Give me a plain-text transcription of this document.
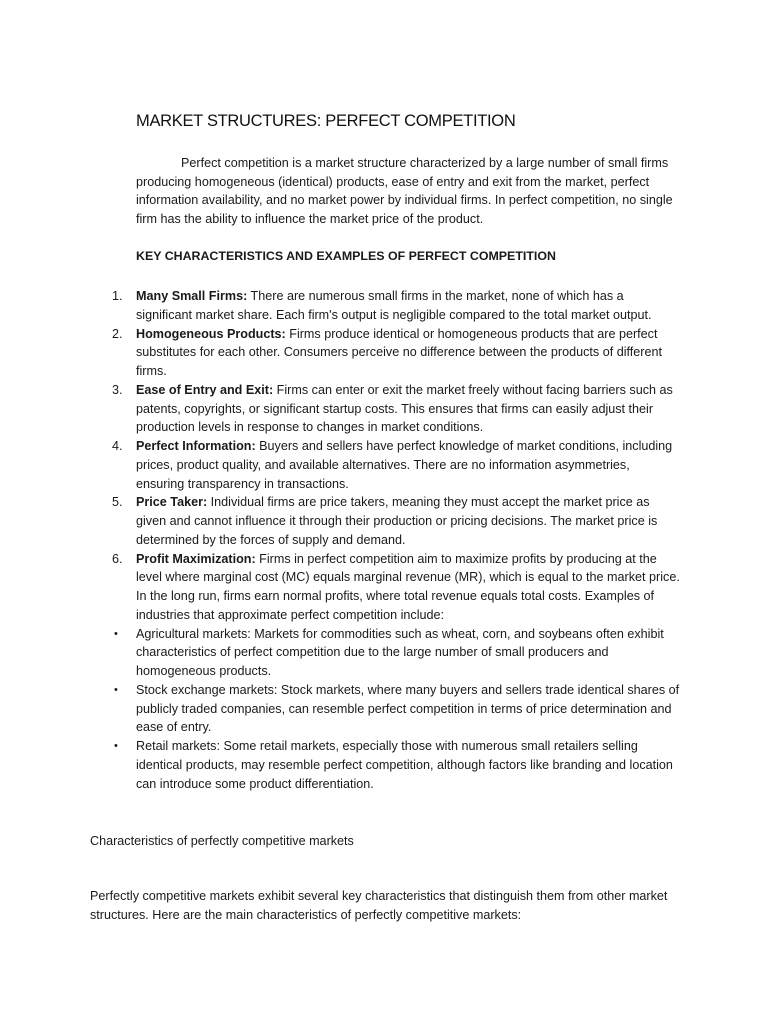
MARKET STRUCTURES: PERFECT COMPETITION

Perfect competition is a market structure characterized by a large number of small firms producing homogeneous (identical) products, ease of entry and exit from the market, perfect information availability, and no market power by individual firms. In perfect competition, no single firm has the ability to influence the market price of the product.

KEY CHARACTERISTICS AND EXAMPLES OF PERFECT COMPETITION
1.	Many Small Firms: There are numerous small firms in the market, none of which has a significant market share. Each firm's output is negligible compared to the total market output.
2.	Homogeneous Products: Firms produce identical or homogeneous products that are perfect substitutes for each other. Consumers perceive no difference between the products of different firms.
3.	Ease of Entry and Exit: Firms can enter or exit the market freely without facing barriers such as patents, copyrights, or significant startup costs. This ensures that firms can easily adjust their production levels in response to changes in market conditions.
4.	Perfect Information: Buyers and sellers have perfect knowledge of market conditions, including prices, product quality, and available alternatives. There are no information asymmetries, ensuring transparency in transactions.
5.	Price Taker: Individual firms are price takers, meaning they must accept the market price as given and cannot influence it through their production or pricing decisions. The market price is determined by the forces of supply and demand.
6.	Profit Maximization: Firms in perfect competition aim to maximize profits by producing at the level where marginal cost (MC) equals marginal revenue (MR), which is equal to the market price. In the long run, firms earn normal profits, where total revenue equals total costs. Examples of industries that approximate perfect competition include:
•	Agricultural markets: Markets for commodities such as wheat, corn, and soybeans often exhibit characteristics of perfect competition due to the large number of small producers and homogeneous products.
•	Stock exchange markets: Stock markets, where many buyers and sellers trade identical shares of publicly traded companies, can resemble perfect competition in terms of price determination and ease of entry.
•	Retail markets: Some retail markets, especially those with numerous small retailers selling identical products, may resemble perfect competition, although factors like branding and location can introduce some product differentiation.

Characteristics of perfectly competitive markets

Perfectly competitive markets exhibit several key characteristics that distinguish them from other market structures. Here are the main characteristics of perfectly competitive markets:
